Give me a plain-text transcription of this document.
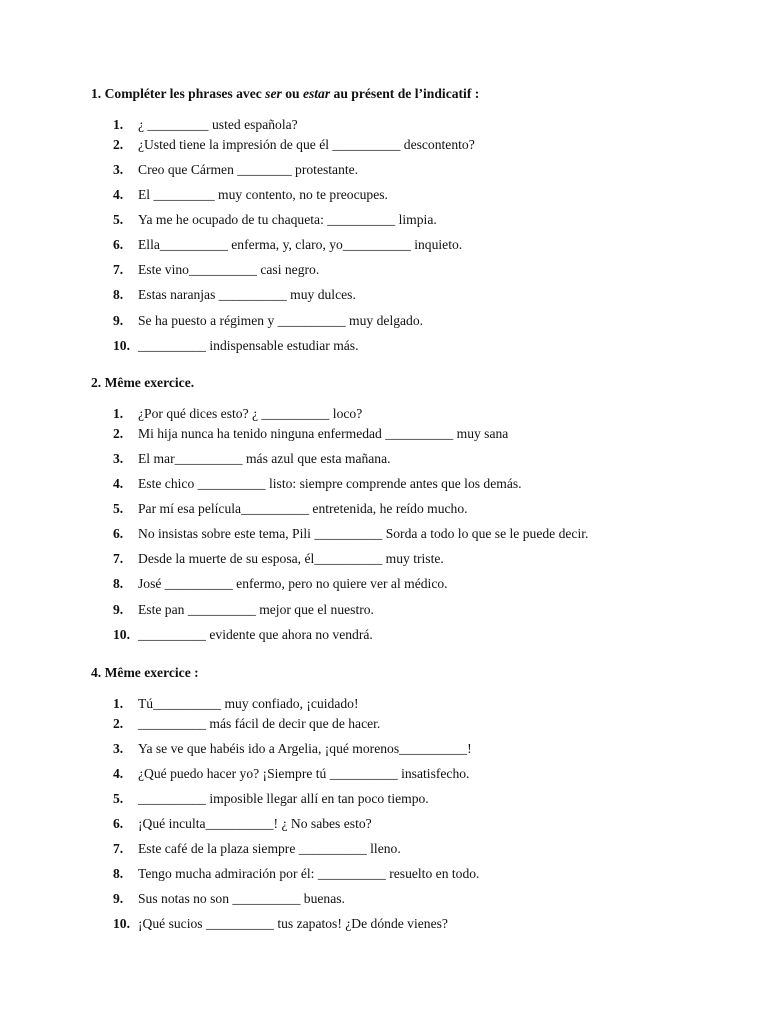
1. Compléter les phrases avec ser ou estar au présent de l’indicatif :
1. ¿ _________ usted española?
2. ¿Usted tiene la impresión de que él __________ descontento?
3. Creo que Cármen ________ protestante.
4. El _________ muy contento, no te preocupes.
5. Ya me he ocupado de tu chaqueta: __________ limpia.
6. Ella__________ enferma, y, claro, yo__________ inquieto.
7. Este vino__________ casi negro.
8. Estas naranjas __________ muy dulces.
9. Se ha puesto a régimen y __________ muy delgado.
10. __________ indispensable estudiar más.
2. Même exercice.
1. ¿Por qué dices esto? ¿ __________ loco?
2. Mi hija nunca ha tenido ninguna enfermedad __________ muy sana
3. El mar__________ más azul que esta mañana.
4. Este chico __________ listo: siempre comprende antes que los demás.
5. Par mí esa película__________ entretenida, he reído mucho.
6. No insistas sobre este tema, Pili __________ Sorda a todo lo que se le puede decir.
7. Desde la muerte de su esposa, él__________ muy triste.
8. José __________ enfermo, pero no quiere ver al médico.
9. Este pan __________ mejor que el nuestro.
10. __________ evidente que ahora no vendrá.
4. Même exercice :
1. Tú__________ muy confiado, ¡cuidado!
2. __________ más fácil de decir que de hacer.
3. Ya se ve que habéis ido a Argelia, ¡qué morenos__________!
4. ¿Qué puedo hacer yo? ¡Siempre tú __________ insatisfecho.
5. __________ imposible llegar allí en tan poco tiempo.
6. ¡Qué inculta__________! ¿ No sabes esto?
7. Este café de la plaza siempre __________ lleno.
8. Tengo mucha admiración por él: __________ resuelto en todo.
9. Sus notas no son __________ buenas.
10. ¡Qué sucios __________ tus zapatos! ¿De dónde vienes?
